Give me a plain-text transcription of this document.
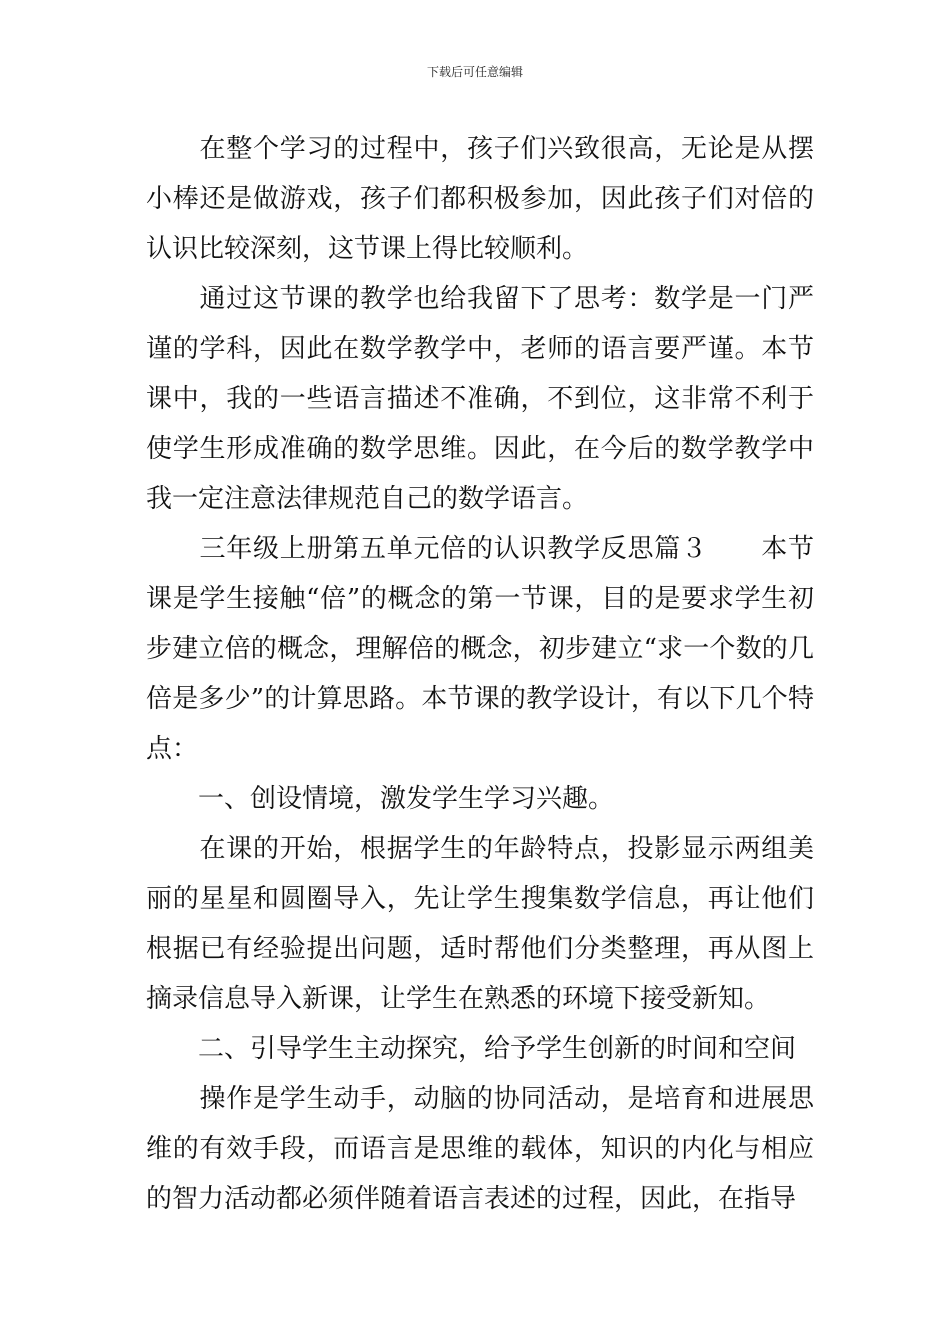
下载后可任意编辑

　　在整个学习的过程中，孩子们兴致很高，无论是从摆小棒还是做游戏，孩子们都积极参加，因此孩子们对倍的认识比较深刻，这节课上得比较顺利。

　　通过这节课的教学也给我留下了思考：数学是一门严谨的学科，因此在数学教学中，老师的语言要严谨。本节课中，我的一些语言描述不准确，不到位，这非常不利于使学生形成准确的数学思维。因此，在今后的数学教学中我一定注意法律规范自己的数学语言。

　　三年级上册第五单元倍的认识教学反思篇３　　本节课是学生接触“倍”的概念的第一节课，目的是要求学生初步建立倍的概念，理解倍的概念，初步建立“求一个数的几倍是多少”的计算思路。本节课的教学设计，有以下几个特点：

　　一、创设情境，激发学生学习兴趣。

　　在课的开始，根据学生的年龄特点，投影显示两组美丽的星星和圆圈导入，先让学生搜集数学信息，再让他们根据已有经验提出问题，适时帮他们分类整理，再从图上摘录信息导入新课，让学生在熟悉的环境下接受新知。

　　二、引导学生主动探究，给予学生创新的时间和空间

　　操作是学生动手，动脑的协同活动，是培育和进展思维的有效手段，而语言是思维的载体，知识的内化与相应的智力活动都必须伴随着语言表述的过程，因此，在指导
